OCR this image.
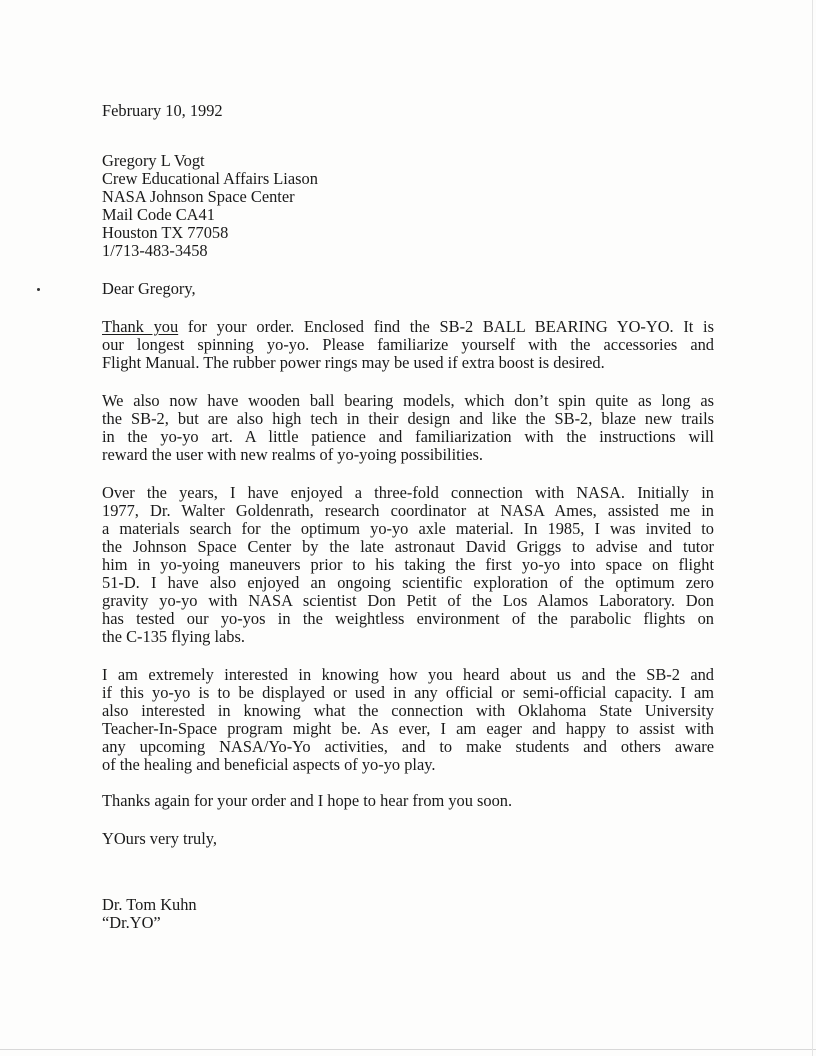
February 10, 1992
Gregory L Vogt
Crew Educational Affairs Liason
NASA Johnson Space Center
Mail Code CA41
Houston TX 77058
1/713-483-3458
Dear Gregory,
Thank you for your order. Enclosed find the SB-2 BALL BEARING YO-YO. It is
our longest spinning yo-yo. Please familiarize yourself with the accessories and
Flight Manual. The rubber power rings may be used if extra boost is desired.
We also now have wooden ball bearing models, which don’t spin quite as long as
the SB-2, but are also high tech in their design and like the SB-2, blaze new trails
in the yo-yo art. A little patience and familiarization with the instructions will
reward the user with new realms of yo-yoing possibilities.
Over the years, I have enjoyed a three-fold connection with NASA. Initially in
1977, Dr. Walter Goldenrath, research coordinator at NASA Ames, assisted me in
a materials search for the optimum yo-yo axle material. In 1985, I was invited to
the Johnson Space Center by the late astronaut David Griggs to advise and tutor
him in yo-yoing maneuvers prior to his taking the first yo-yo into space on flight
51-D. I have also enjoyed an ongoing scientific exploration of the optimum zero
gravity yo-yo with NASA scientist Don Petit of the Los Alamos Laboratory. Don
has tested our yo-yos in the weightless environment of the parabolic flights on
the C-135 flying labs.
I am extremely interested in knowing how you heard about us and the SB-2 and
if this yo-yo is to be displayed or used in any official or semi-official capacity. I am
also interested in knowing what the connection with Oklahoma State University
Teacher-In-Space program might be. As ever, I am eager and happy to assist with
any upcoming NASA/Yo-Yo activities, and to make students and others aware
of the healing and beneficial aspects of yo-yo play.
Thanks again for your order and I hope to hear from you soon.
YOurs very truly,
Dr. Tom Kuhn
“Dr.YO”
